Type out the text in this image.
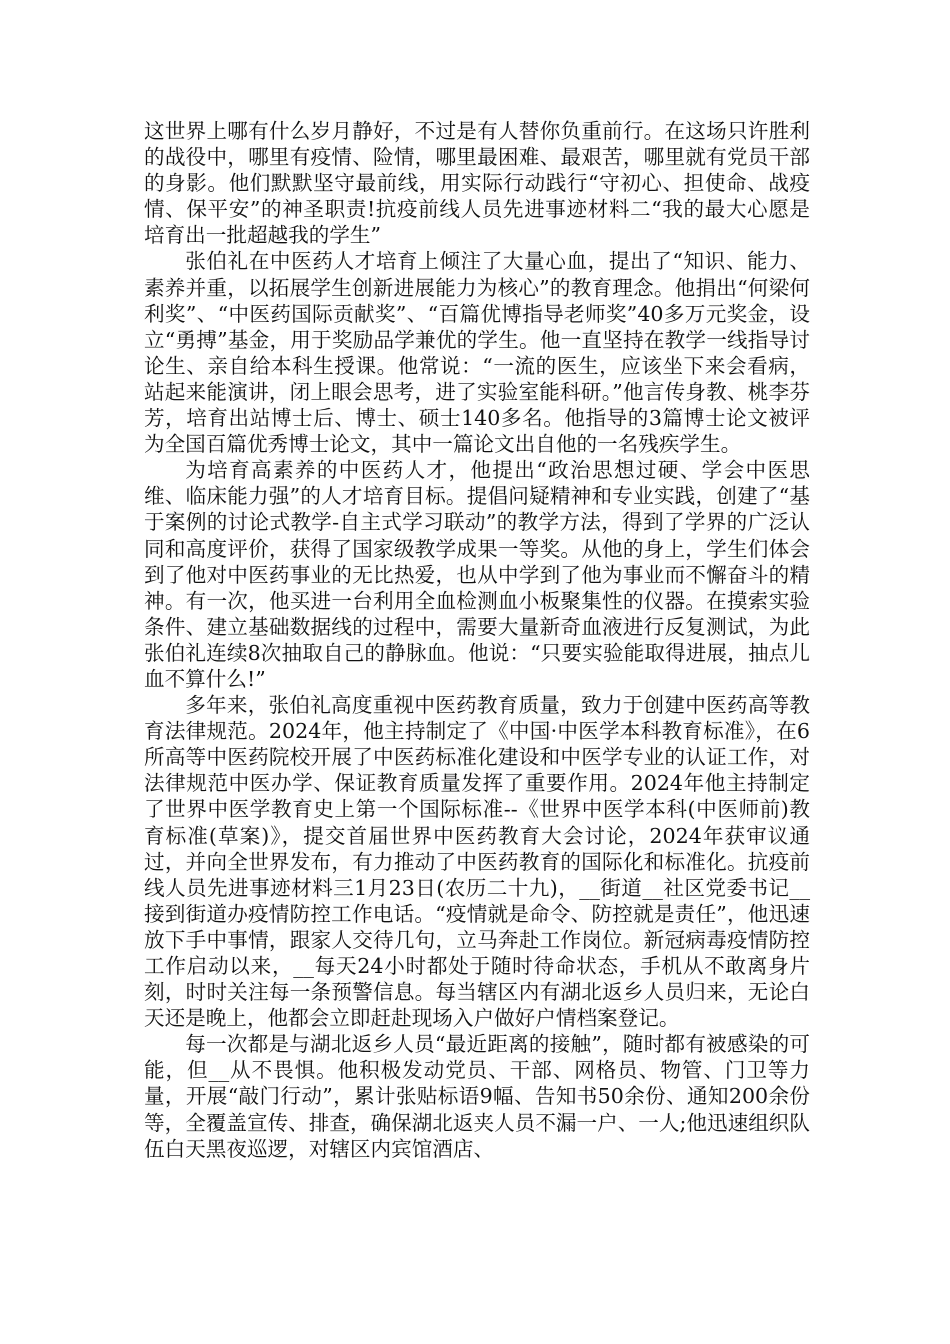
这世界上哪有什么岁月静好，不过是有人替你负重前行。在这场只许胜利的战役中，哪里有疫情、险情，哪里最困难、最艰苦，哪里就有党员干部的身影。他们默默坚守最前线，用实际行动践行“守初心、担使命、战疫情、保平安”的神圣职责!抗疫前线人员先进事迹材料二“我的最大心愿是培育出一批超越我的学生”

张伯礼在中医药人才培育上倾注了大量心血，提出了“知识、能力、素养并重，以拓展学生创新进展能力为核心”的教育理念。他捐出“何梁何利奖”、“中医药国际贡献奖”、“百篇优博指导老师奖”40多万元奖金，设立“勇搏”基金，用于奖励品学兼优的学生。他一直坚持在教学一线指导讨论生、亲自给本科生授课。他常说：“一流的医生，应该坐下来会看病，站起来能演讲，闭上眼会思考，进了实验室能科研。”他言传身教、桃李芬芳，培育出站博士后、博士、硕士140多名。他指导的3篇博士论文被评为全国百篇优秀博士论文，其中一篇论文出自他的一名残疾学生。

为培育高素养的中医药人才，他提出“政治思想过硬、学会中医思维、临床能力强”的人才培育目标。提倡问疑精神和专业实践，创建了“基于案例的讨论式教学-自主式学习联动”的教学方法，得到了学界的广泛认同和高度评价，获得了国家级教学成果一等奖。从他的身上，学生们体会到了他对中医药事业的无比热爱，也从中学到了他为事业而不懈奋斗的精神。有一次，他买进一台利用全血检测血小板聚集性的仪器。在摸索实验条件、建立基础数据线的过程中，需要大量新奇血液进行反复测试，为此张伯礼连续8次抽取自己的静脉血。他说：“只要实验能取得进展，抽点儿血不算什么!”

多年来，张伯礼高度重视中医药教育质量，致力于创建中医药高等教育法律规范。2024年，他主持制定了《中国·中医学本科教育标准》，在6所高等中医药院校开展了中医药标准化建设和中医学专业的认证工作，对法律规范中医办学、保证教育质量发挥了重要作用。2024年他主持制定了世界中医学教育史上第一个国际标准--《世界中医学本科(中医师前)教育标准(草案)》，提交首届世界中医药教育大会讨论，2024年获审议通过，并向全世界发布，有力推动了中医药教育的国际化和标准化。抗疫前线人员先进事迹材料三1月23日(农历二十九)，__街道__社区党委书记__接到街道办疫情防控工作电话。“疫情就是命令、防控就是责任”，他迅速放下手中事情，跟家人交待几句，立马奔赴工作岗位。新冠病毒疫情防控工作启动以来，__每天24小时都处于随时待命状态，手机从不敢离身片刻，时时关注每一条预警信息。每当辖区内有湖北返乡人员归来，无论白天还是晚上，他都会立即赶赴现场入户做好户情档案登记。

每一次都是与湖北返乡人员“最近距离的接触”，随时都有被感染的可能，但__从不畏惧。他积极发动党员、干部、网格员、物管、门卫等力量，开展“敲门行动”，累计张贴标语9幅、告知书50余份、通知200余份等，全覆盖宣传、排查，确保湖北返夹人员不漏一户、一人;他迅速组织队伍白天黑夜巡逻，对辖区内宾馆酒店、
